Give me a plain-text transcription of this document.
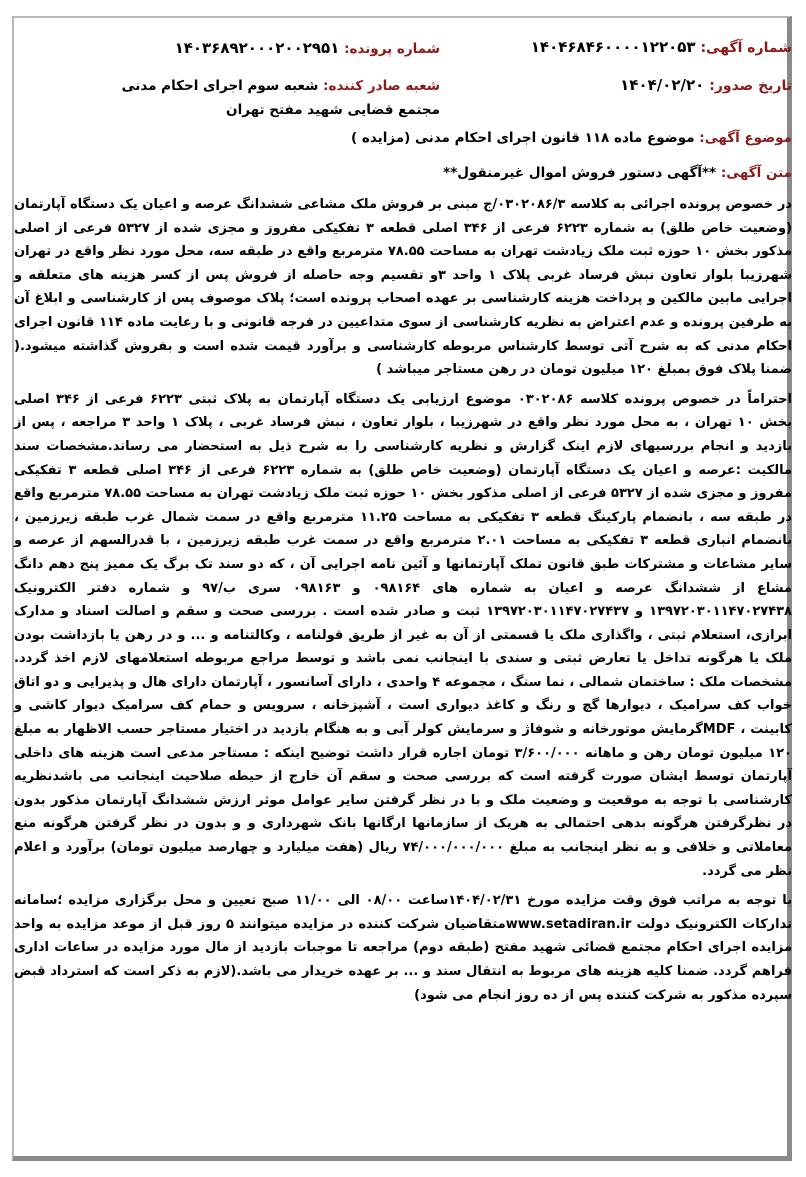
شماره آگهی: ۱۴۰۴۶۸۴۶۰۰۰۰۱۲۲۰۵۳
تاریخ صدور: ۱۴۰۴/۰۲/۲۰
شماره پرونده: ۱۴۰۳۶۸۹۲۰۰۰۲۰۰۲۹۵۱
شعبه صادر کننده: شعبه سوم اجرای احکام مدنی مجتمع قضایی شهید مفتح تهران
موضوع آگهی: موضوع ماده ۱۱۸ قانون اجرای احکام مدنی (مزایده )
متن آگهی: **آگهی دستور فروش اموال غیرمنقول**

در خصوص پرونده اجرائی به کلاسه ۰۳۰۲۰۸۶/۳/ج مبنی بر فروش ملک مشاعی ششدانگ عرصه و اعیان یک دستگاه آپارتمان (وضعیت خاص طلق) به شماره ۶۲۲۳ فرعی از ۳۴۶ اصلی قطعه ۳ تفکیکی مفروز و مجزی شده از ۵۳۲۷ فرعی از اصلی مذکور بخش ۱۰ حوزه ثبت ملک زیادشت تهران به مساحت ۷۸.۵۵ مترمربع واقع در طبقه سه، محل مورد نظر واقع در تهران شهرزیبا بلوار تعاون نبش فرساد غربی پلاک ۱ واحد ۳و تقسیم وجه حاصله از فروش پس از کسر هزینه های متعلقه و اجرایی مابین مالکین و پرداخت هزینه کارشناسی بر عهده اصحاب پرونده است؛ پلاک موصوف پس از کارشناسی و ابلاغ آن به طرفین پرونده و عدم اعتراض به نظریه کارشناسی از سوی متداعیین در فرجه قانونی و با رعایت ماده ۱۱۴ قانون اجرای احکام مدنی که به شرح آتی توسط کارشناس مربوطه کارشناسی و برآورد قیمت شده است و بفروش گذاشته میشود.( ضمنا پلاک فوق بمبلغ ۱۲۰ میلیون تومان در رهن مستاجر میباشد )

احتراماً در خصوص پرونده کلاسه ۰۳۰۲۰۸۶ موضوع ارزیابی یک دستگاه آپارتمان به پلاک ثبتی ۶۲۲۳ فرعی از ۳۴۶ اصلی بخش ۱۰ تهران ، به محل مورد نظر واقع در شهرزیبا ، بلوار تعاون ، نبش فرساد غربی ، پلاک ۱ واحد ۳ مراجعه ، پس از بازدید و انجام بررسیهای لازم اینک گزارش و نظریه کارشناسی را به شرح ذیل به استحضار می رساند.مشخصات سند مالکیت :عرصه و اعیان یک دستگاه آپارتمان (وضعیت خاص طلق) به شماره ۶۲۲۳ فرعی از ۳۴۶ اصلی قطعه ۳ تفکیکی مفروز و مجزی شده از ۵۳۲۷ فرعی از اصلی مذکور بخش ۱۰ حوزه ثبت ملک زیادشت تهران به مساحت ۷۸.۵۵ مترمربع واقع در طبقه سه ، بانضمام پارکینگ قطعه ۳ تفکیکی به مساحت ۱۱.۲۵ مترمربع واقع در سمت شمال غرب طبقه زیرزمین ، بانضمام انباری قطعه ۳ تفکیکی به مساحت ۲.۰۱ مترمربع واقع در سمت غرب طبقه زیرزمین ، با قدرالسهم از عرصه و سایر مشاعات و مشترکات طبق قانون تملک آپارتمانها و آئین نامه اجرایی آن ، که دو سند تک برگ یک ممیز پنج دهم دانگ مشاع از ششدانگ عرصه و اعیان به شماره های ۰۹۸۱۶۴ و ۰۹۸۱۶۳ سری ب/۹۷ و شماره دفتر الکترونیک ۱۳۹۷۲۰۳۰۱۱۴۷۰۲۷۴۳۸ و ۱۳۹۷۲۰۳۰۱۱۴۷۰۲۷۴۳۷ ثبت و صادر شده است . بررسی صحت و سقم و اصالت اسناد و مدارک ابرازی، استعلام ثبتی ، واگذاری ملک یا قسمتی از آن به غیر از طریق قولنامه ، وکالتنامه و ... و در رهن یا بازداشت بودن ملک یا هرگونه تداخل یا تعارض ثبتی و سندی با اینجانب نمی باشد و توسط مراجع مربوطه استعلامهای لازم اخذ گردد. مشخصات ملک : ساختمان شمالی ، نما سنگ ، مجموعه ۴ واحدی ، دارای آسانسور ، آپارتمان دارای هال و پذیرایی و دو اتاق خواب کف سرامیک ، دیوارها گچ و رنگ و کاغذ دیواری است ، آشپزخانه ، سرویس و حمام کف سرامیک دیوار کاشی و کابینت ، MDFگرمایش موتورخانه و شوفاژ و سرمایش کولر آبی و به هنگام بازدید در اختیار مستاجر حسب الاظهار به مبلغ ۱۲۰ میلیون تومان رهن و ماهانه ۳/۶۰۰/۰۰۰ تومان اجاره قرار داشت توضیح اینکه : مستاجر مدعی است هزینه های داخلی آپارتمان توسط ایشان صورت گرفته است که بررسی صحت و سقم آن خارج از حیطه صلاحیت اینجانب می باشدنظریه کارشناسی با توجه به موقعیت و وضعیت ملک و با در نظر گرفتن سایر عوامل موثر ارزش ششدانگ آپارتمان مذکور بدون در نظرگرفتن هرگونه بدهی احتمالی به هریک از سازمانها ارگانها بانک شهرداری و و بدون در نظر گرفتن هرگونه منع معاملاتی و خلافی و به نظر اینجانب به مبلغ ۷۴/۰۰۰/۰۰۰/۰۰۰ ریال (هفت میلیارد و چهارصد میلیون تومان) برآورد و اعلام نظر می گردد.

با توجه به مراتب فوق وقت مزایده مورخ ۱۴۰۴/۰۲/۳۱ساعت ۰۸/۰۰ الی ۱۱/۰۰ صبح تعیین و محل برگزاری مزایده ؛سامانه تدارکات الکترونیک دولت www.setadiran.irمتقاضیان شرکت کننده در مزایده میتوانند ۵ روز قبل از موعد مزایده به واحد مزایده اجرای احکام مجتمع قضائی شهید مفتح (طبقه دوم) مراجعه تا موجبات بازدید از مال مورد مزایده در ساعات اداری فراهم گردد. ضمنا کلیه هزینه های مربوط به انتقال سند و ... بر عهده خریدار می باشد.(لازم به ذکر است که استرداد قبض سپرده مذکور به شرکت کننده پس از ده روز انجام می شود)
